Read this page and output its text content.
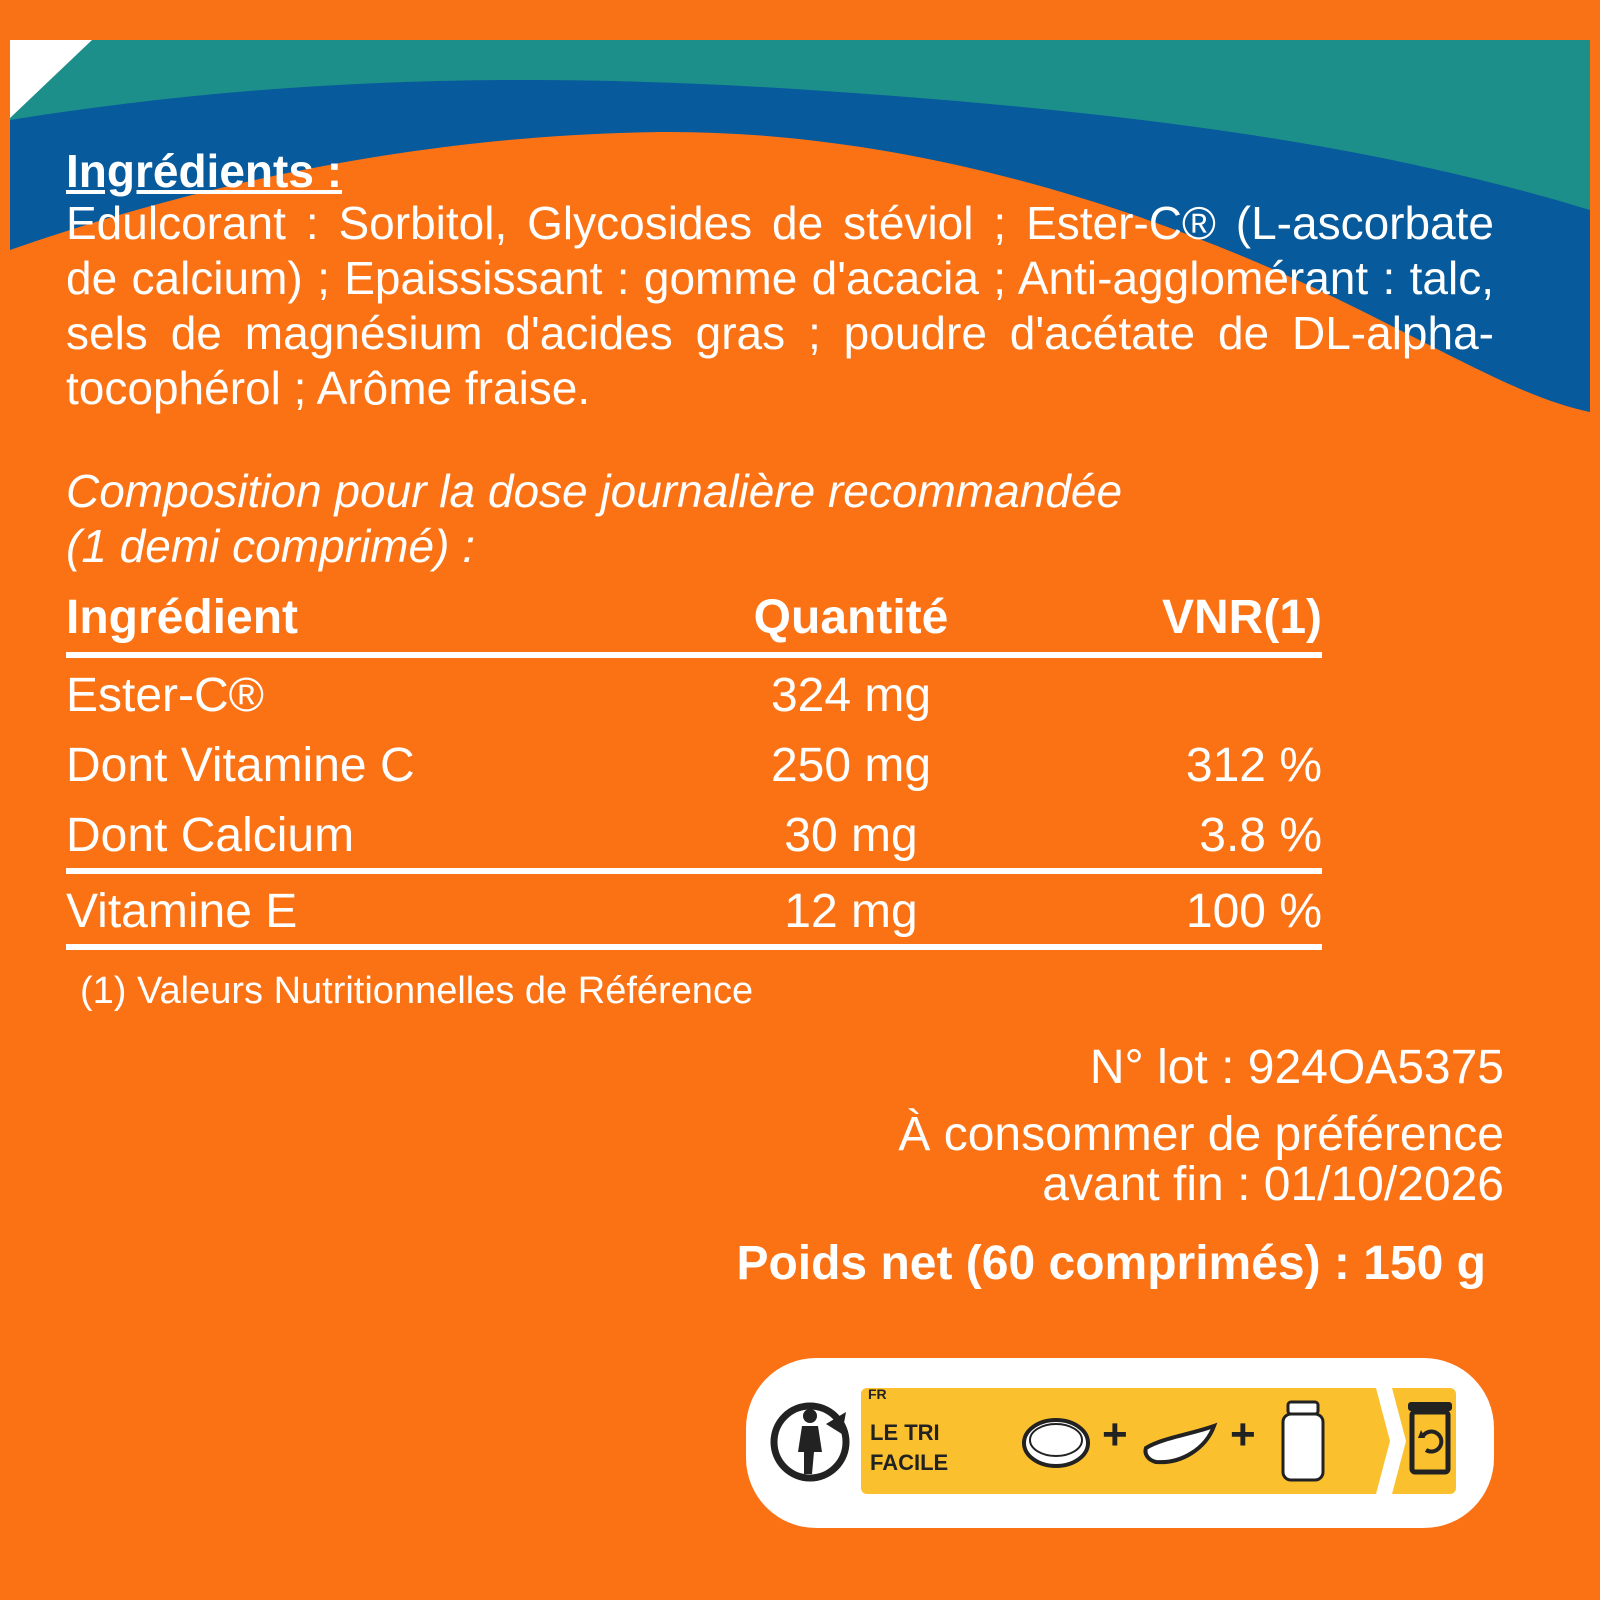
Ingrédients :
Edulcorant : Sorbitol, Glycosides de stéviol ; Ester-C® (L-ascorbate de calcium) ; Epaississant : gomme d'acacia ; Anti-agglomérant : talc, sels de magnésium d'acides gras ; poudre d'acétate de DL-alpha-tocophérol ; Arôme fraise.
Composition pour la dose journalière recommandée
(1 demi comprimé) :
Ingrédient	Quantité	VNR(1)
Ester-C®	324 mg
Dont Vitamine C	250 mg	312 %
Dont Calcium	30 mg	3.8 %
Vitamine E	12 mg	100 %
(1) Valeurs Nutritionnelles de Référence
N° lot : 924OA5375
À consommer de préférence
avant fin : 01/10/2026
Poids net (60 comprimés) : 150 g
FR
LE TRI
FACILE
+ +
